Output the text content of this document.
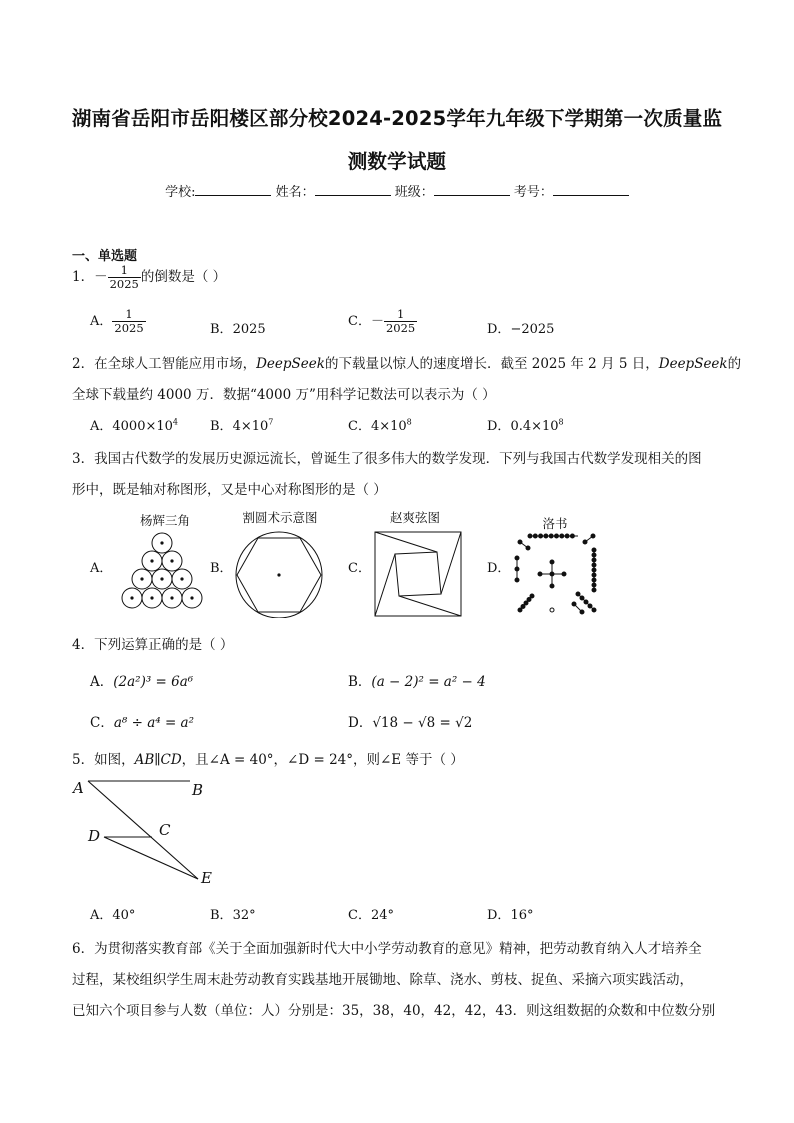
湖南省岳阳市岳阳楼区部分校2024-2025学年九年级下学期第一次质量监
测数学试题
学校:	姓名：	班级：	考号：
一、单选题
1．－ $\frac{1}{2025}$ 的倒数是（ ）
A． $\frac{1}{2025}$	B．2025
C．－ $\frac{1}{2025}$	D．−2025
2．在全球人工智能应用市场，DeepSeek的下载量以惊人的速度增长．截至 2025 年 2 月 5 日，DeepSeek的
全球下载量约 4000 万．数据“4000 万”用科学记数法可以表示为（ ）
A．$4000\times 10^4$ B．$4\times 10^7$	C．$4\times 10^8$	D．$0.4\times 10^8$
3．我国古代数学的发展历史源远流长，曾诞生了很多伟大的数学发现．下列与我国古代数学发现相关的图
形中，既是轴对称图形，又是中心对称图形的是（ ）
杨辉三角	割圆术示意图	赵爽弦图	洛书
A．	B．	C．	D．
4．下列运算正确的是（ ）
A．(2a²)³ = 6a⁶	B．(a − 2)² = a² − 4
C．a⁸ ÷ a⁴ = a²	D．√18 − √8 = √2
5．如图，AB∥CD，且∠A = 40°，∠D = 24°，则∠E 等于（ ）
A	B
C
D
E
A．40°	B．32°	C．24°	D．16°
6．为贯彻落实教育部《关于全面加强新时代大中小学劳动教育的意见》精神，把劳动教育纳入人才培养全
过程，某校组织学生周末赴劳动教育实践基地开展锄地、除草、浇水、剪枝、捉鱼、采摘六项实践活动，
已知六个项目参与人数（单位：人）分别是：35，38，40，42，42，43．则这组数据的众数和中位数分别
